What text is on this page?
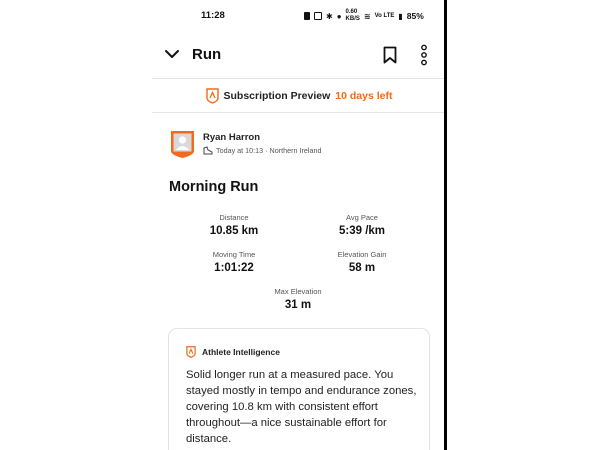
11:28	✱ ● 0.60
KB/S ≋ Vo LTE ▮ 85%
Run
Subscription Preview 10 days left
Ryan Harron
Today at 10:13 · Northern Ireland
Morning Run
Distance
10.85 km
Avg Pace
5:39 /km
Moving Time
1:01:22
Elevation Gain
58 m
Max Elevation
31 m
Athlete Intelligence
Solid longer run at a measured pace. You stayed mostly in tempo and endurance zones, covering 10.8 km with consistent effort throughout—a nice sustainable effort for distance.
